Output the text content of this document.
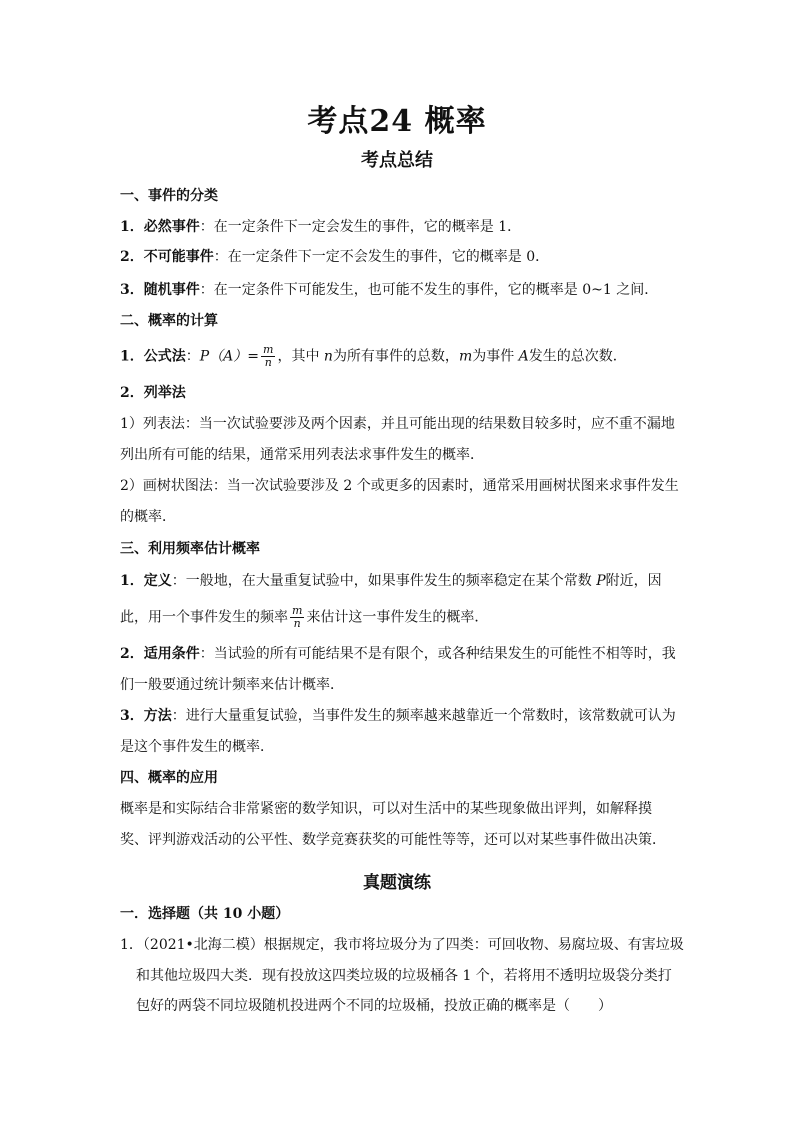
考点24 概率
考点总结
一、事件的分类
1．必然事件：在一定条件下一定会发生的事件，它的概率是 1．
2．不可能事件：在一定条件下一定不会发生的事件，它的概率是 0．
3．随机事件：在一定条件下可能发生，也可能不发生的事件，它的概率是 0~1 之间．
二、概率的计算
1．公式法：$P(A)= \frac{m}{n}$ ，其中 n为所有事件的总数，m为事件 A发生的总次数．
2．列举法
1）列表法：当一次试验要涉及两个因素，并且可能出现的结果数目较多时，应不重不漏地
列出所有可能的结果，通常采用列表法求事件发生的概率．
2）画树状图法：当一次试验要涉及 2 个或更多的因素时，通常采用画树状图来求事件发生
的概率．
三、利用频率估计概率
1．定义：一般地，在大量重复试验中，如果事件发生的频率稳定在某个常数 P附近，因
此，用一个事件发生的频率 $\frac{m}{n}$ 来估计这一事件发生的概率．
2．适用条件：当试验的所有可能结果不是有限个，或各种结果发生的可能性不相等时，我
们一般要通过统计频率来估计概率．
3．方法：进行大量重复试验，当事件发生的频率越来越靠近一个常数时，该常数就可认为
是这个事件发生的概率．
四、概率的应用
概率是和实际结合非常紧密的数学知识，可以对生活中的某些现象做出评判，如解释摸
奖、评判游戏活动的公平性、数学竞赛获奖的可能性等等，还可以对某些事件做出决策．
真题演练
一．选择题（共 10 小题）
1．（2021•北海二模）根据规定，我市将垃圾分为了四类：可回收物、易腐垃圾、有害垃圾
和其他垃圾四大类．现有投放这四类垃圾的垃圾桶各 1 个，若将用不透明垃圾袋分类打
包好的两袋不同垃圾随机投进两个不同的垃圾桶，投放正确的概率是（　　）
